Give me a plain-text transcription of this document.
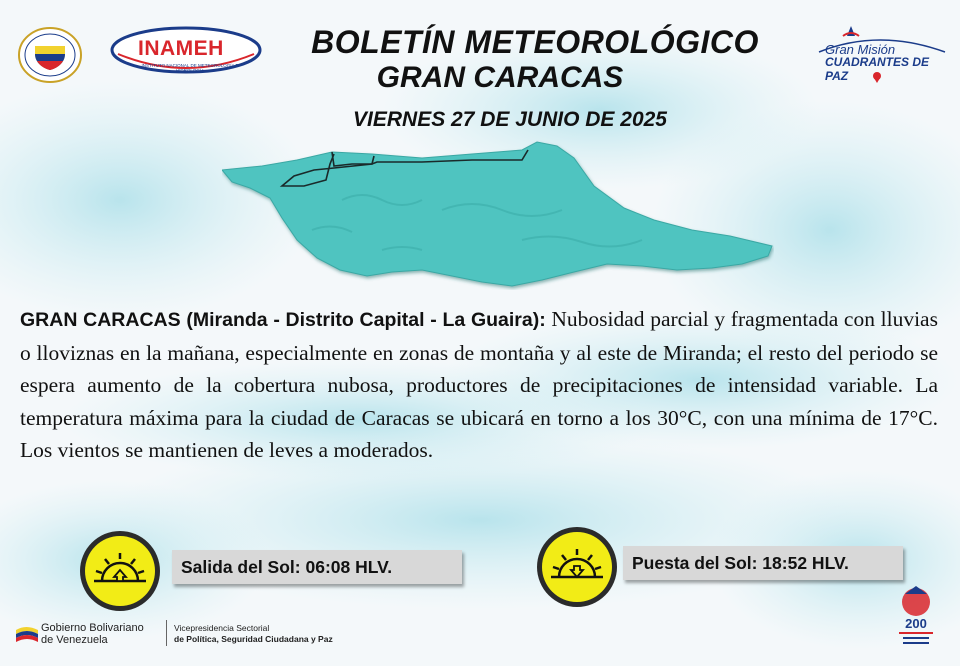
INAMEH
INSTITUTO NACIONAL DE METEOROLOGÍA E HIDROLOGÍA
Gran Misión
CUADRANTES DE PAZ
BOLETÍN METEOROLÓGICO
GRAN CARACAS
VIERNES 27 DE JUNIO DE 2025

GRAN CARACAS (Miranda - Distrito Capital - La Guaira): Nubosidad parcial y fragmentada con lluvias o lloviznas en la mañana, especialmente en zonas de montaña y al este de Miranda; el resto del periodo se espera aumento de la cobertura nubosa, productores de precipitaciones de intensidad variable. La temperatura máxima para la ciudad de Caracas se ubicará en torno a los 30°C, con una mínima de 17°C. Los vientos se mantienen de leves a moderados.

Salida del Sol: 06:08 HLV.	Puesta del Sol: 18:52 HLV.
Gobierno Bolivariano
de Venezuela
Vicepresidencia Sectorial
de Política, Seguridad Ciudadana y Paz
200
